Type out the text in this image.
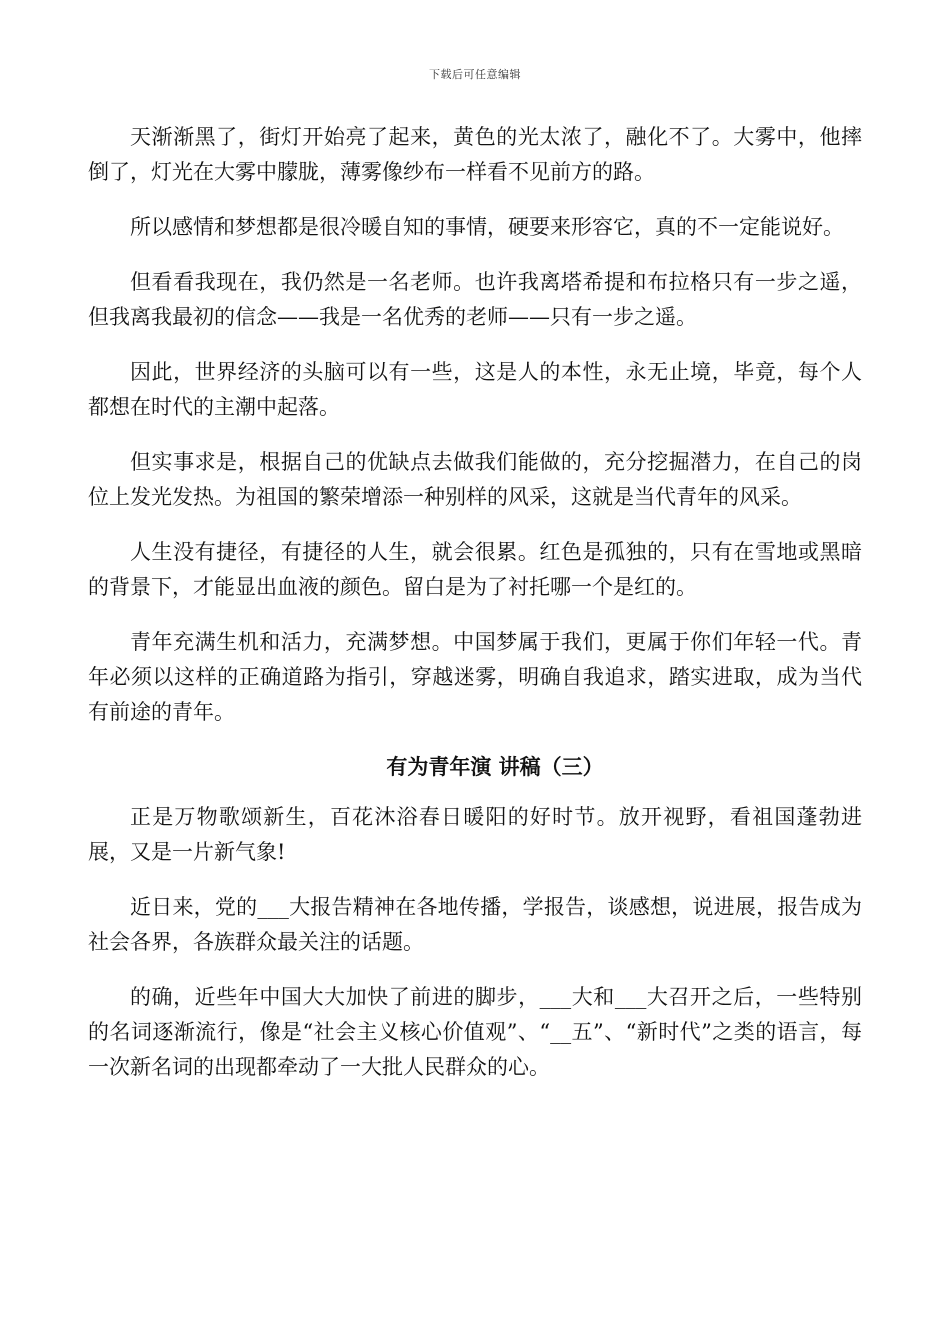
下载后可任意编辑

天渐渐黑了，街灯开始亮了起来，黄色的光太浓了，融化不了。大雾中，他摔倒了，灯光在大雾中朦胧，薄雾像纱布一样看不见前方的路。

所以感情和梦想都是很冷暖自知的事情，硬要来形容它，真的不一定能说好。

但看看我现在，我仍然是一名老师。也许我离塔希提和布拉格只有一步之遥，但我离我最初的信念——我是一名优秀的老师——只有一步之遥。

因此，世界经济的头脑可以有一些，这是人的本性，永无止境，毕竟，每个人都想在时代的主潮中起落。

但实事求是，根据自己的优缺点去做我们能做的，充分挖掘潜力，在自己的岗位上发光发热。为祖国的繁荣增添一种别样的风采，这就是当代青年的风采。

人生没有捷径，有捷径的人生，就会很累。红色是孤独的，只有在雪地或黑暗的背景下，才能显出血液的颜色。留白是为了衬托哪一个是红的。

青年充满生机和活力，充满梦想。中国梦属于我们，更属于你们年轻一代。青年必须以这样的正确道路为指引，穿越迷雾，明确自我追求，踏实进取，成为当代有前途的青年。

有为青年演 讲稿（三）

正是万物歌颂新生，百花沐浴春日暖阳的好时节。放开视野，看祖国蓬勃进展，又是一片新气象!

近日来，党的___大报告精神在各地传播，学报告，谈感想，说进展，报告成为社会各界，各族群众最关注的话题。

的确，近些年中国大大加快了前进的脚步，___大和___大召开之后，一些特别的名词逐渐流行，像是“社会主义核心价值观”、“__五”、“新时代”之类的语言，每一次新名词的出现都牵动了一大批人民群众的心。
